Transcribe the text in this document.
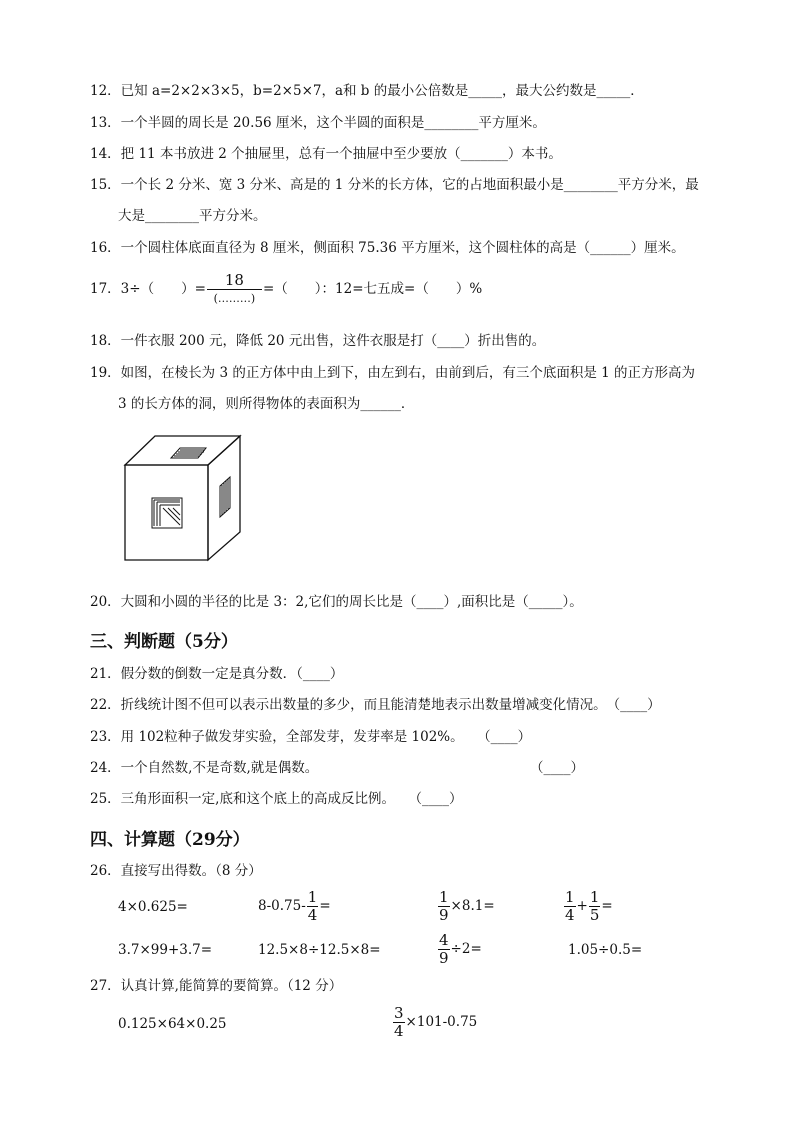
12．已知 a=2×2×3×5，b=2×5×7，a和 b 的最小公倍数是_____，最大公约数是_____．
13．一个半圆的周长是 20.56 厘米，这个半圆的面积是________平方厘米。
14．把 11 本书放进 2 个抽屉里，总有一个抽屉中至少要放（_______）本书。
15．一个长 2 分米、宽 3 分米、高是的 1 分米的长方体，它的占地面积最小是________平方分米，最
大是________平方分米。
16．一个圆柱体底面直径为 8 厘米，侧面积 75.36 平方厘米，这个圆柱体的高是（______）厘米。
17．3÷（　　）= $\frac{18}{(\dots\dots\dots)}$ =（　　）：12=七五成=（　　）%
18．一件衣服 200 元，降低 20 元出售，这件衣服是打（____）折出售的。
19．如图，在棱长为 3 的正方体中由上到下，由左到右，由前到后，有三个底面积是 1 的正方形高为
3 的长方体的洞，则所得物体的表面积为______．
20．大圆和小圆的半径的比是 3：2,它们的周长比是（____）,面积比是（_____）。
三、判断题（5分）
21．假分数的倒数一定是真分数．（____）
22．折线统计图不但可以表示出数量的多少，而且能清楚地表示出数量增减变化情况。　（____）
23．用 102粒种子做发芽实验，全部发芽，发芽率是 102%。　　（____）
24．一个自然数,不是奇数,就是偶数。	（____）
25．三角形面积一定,底和这个底上的高成反比例。　　（____）
四、计算题（29分）
26．直接写出得数。（8 分）
4×0.625=	$8-0.75- \frac{1}{4}$ =	$\frac{1}{9} \times 8.1=$	$\frac{1}{4} + \frac{1}{5}$ =
3.7×99+3.7=	12.5×8÷12.5×8=	$\frac{4}{9} \div 2=$	1.05÷0.5=
27．认真计算,能简算的要简算。（12 分）
0.125×64×0.25	$\frac{3}{4} \times 101-0.75$
